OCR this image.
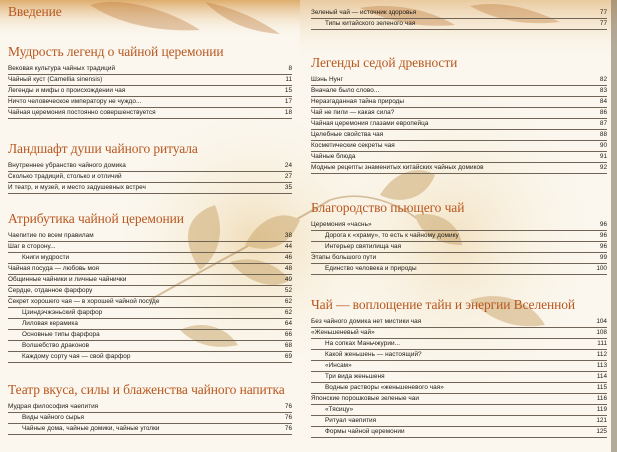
Введение
Мудрость легенд о чайной церемонии
Вековая культура чайных традиций	8
Чайный куст (Camellia sinensis)	11
Легенды и мифы о происхождении чая	15
Ничто человеческое императору не чуждо...	17
Чайная церемония постоянно совершенствуется	18
Ландшафт души чайного ритуала
Внутреннее убранство чайного домика	24
Сколько традиций, столько и отличий	27
И театр, и музей, и место задушевных встреч	35
Атрибутика чайной церемонии
Чаепитие по всем правилам	38
Шаг в сторону...	44
Книги мудрости	46
Чайная посуда — любовь моя	48
Общинные чайники и личные чайнички	49
Сердце, отданное фарфору	52
Секрет хорошего чая — в хорошей чайной посуде	62
Цзиндэчжэньский фарфор	62
Лиловая керамика	64
Основные типы фарфора	66
Волшебство драконов	68
Каждому сорту чая — свой фарфор	69
Театр вкуса, силы и блаженства чайного напитка
Мудрая философия чаепития	76
Виды чайного сырья	76
Чайные дома, чайные домики, чайные уголки	76
Зеленый чай — источник здоровья	77
Типы китайского зеленого чая	77
Легенды седой древности
Шэнь Нунг	82
Вначале было слово...	83
Неразгаданная тайна природы	84
Чай не пили — какая сила?	86
Чайная церемония глазами европейца	87
Целебные свойства чая	88
Косметические секреты чая	90
Чайные блюда	91
Модные рецепты знаменитых китайских чайных домиков	92
Благородство пьющего чай
Церемония «часнь»	96
Дорога к «храму», то есть к чайному домику	96
Интерьер святилища чая	96
Этапы большого пути	99
Единство человека и природы	100
Чай — воплощение тайн и энергии Вселенной
Без чайного домика нет мистики чая	104
«Женьшеневый чай»	108
На сопках Маньчжурии...	111
Какой женьшень — настоящий?	112
«Инсам»	113
Три вида женьшеня	114
Водные растворы «женьшеневого чая»	115
Японские порошковые зеленые чаи	116
«Тясицу»	119
Ритуал чаепития	121
Формы чайной церемонии	125
